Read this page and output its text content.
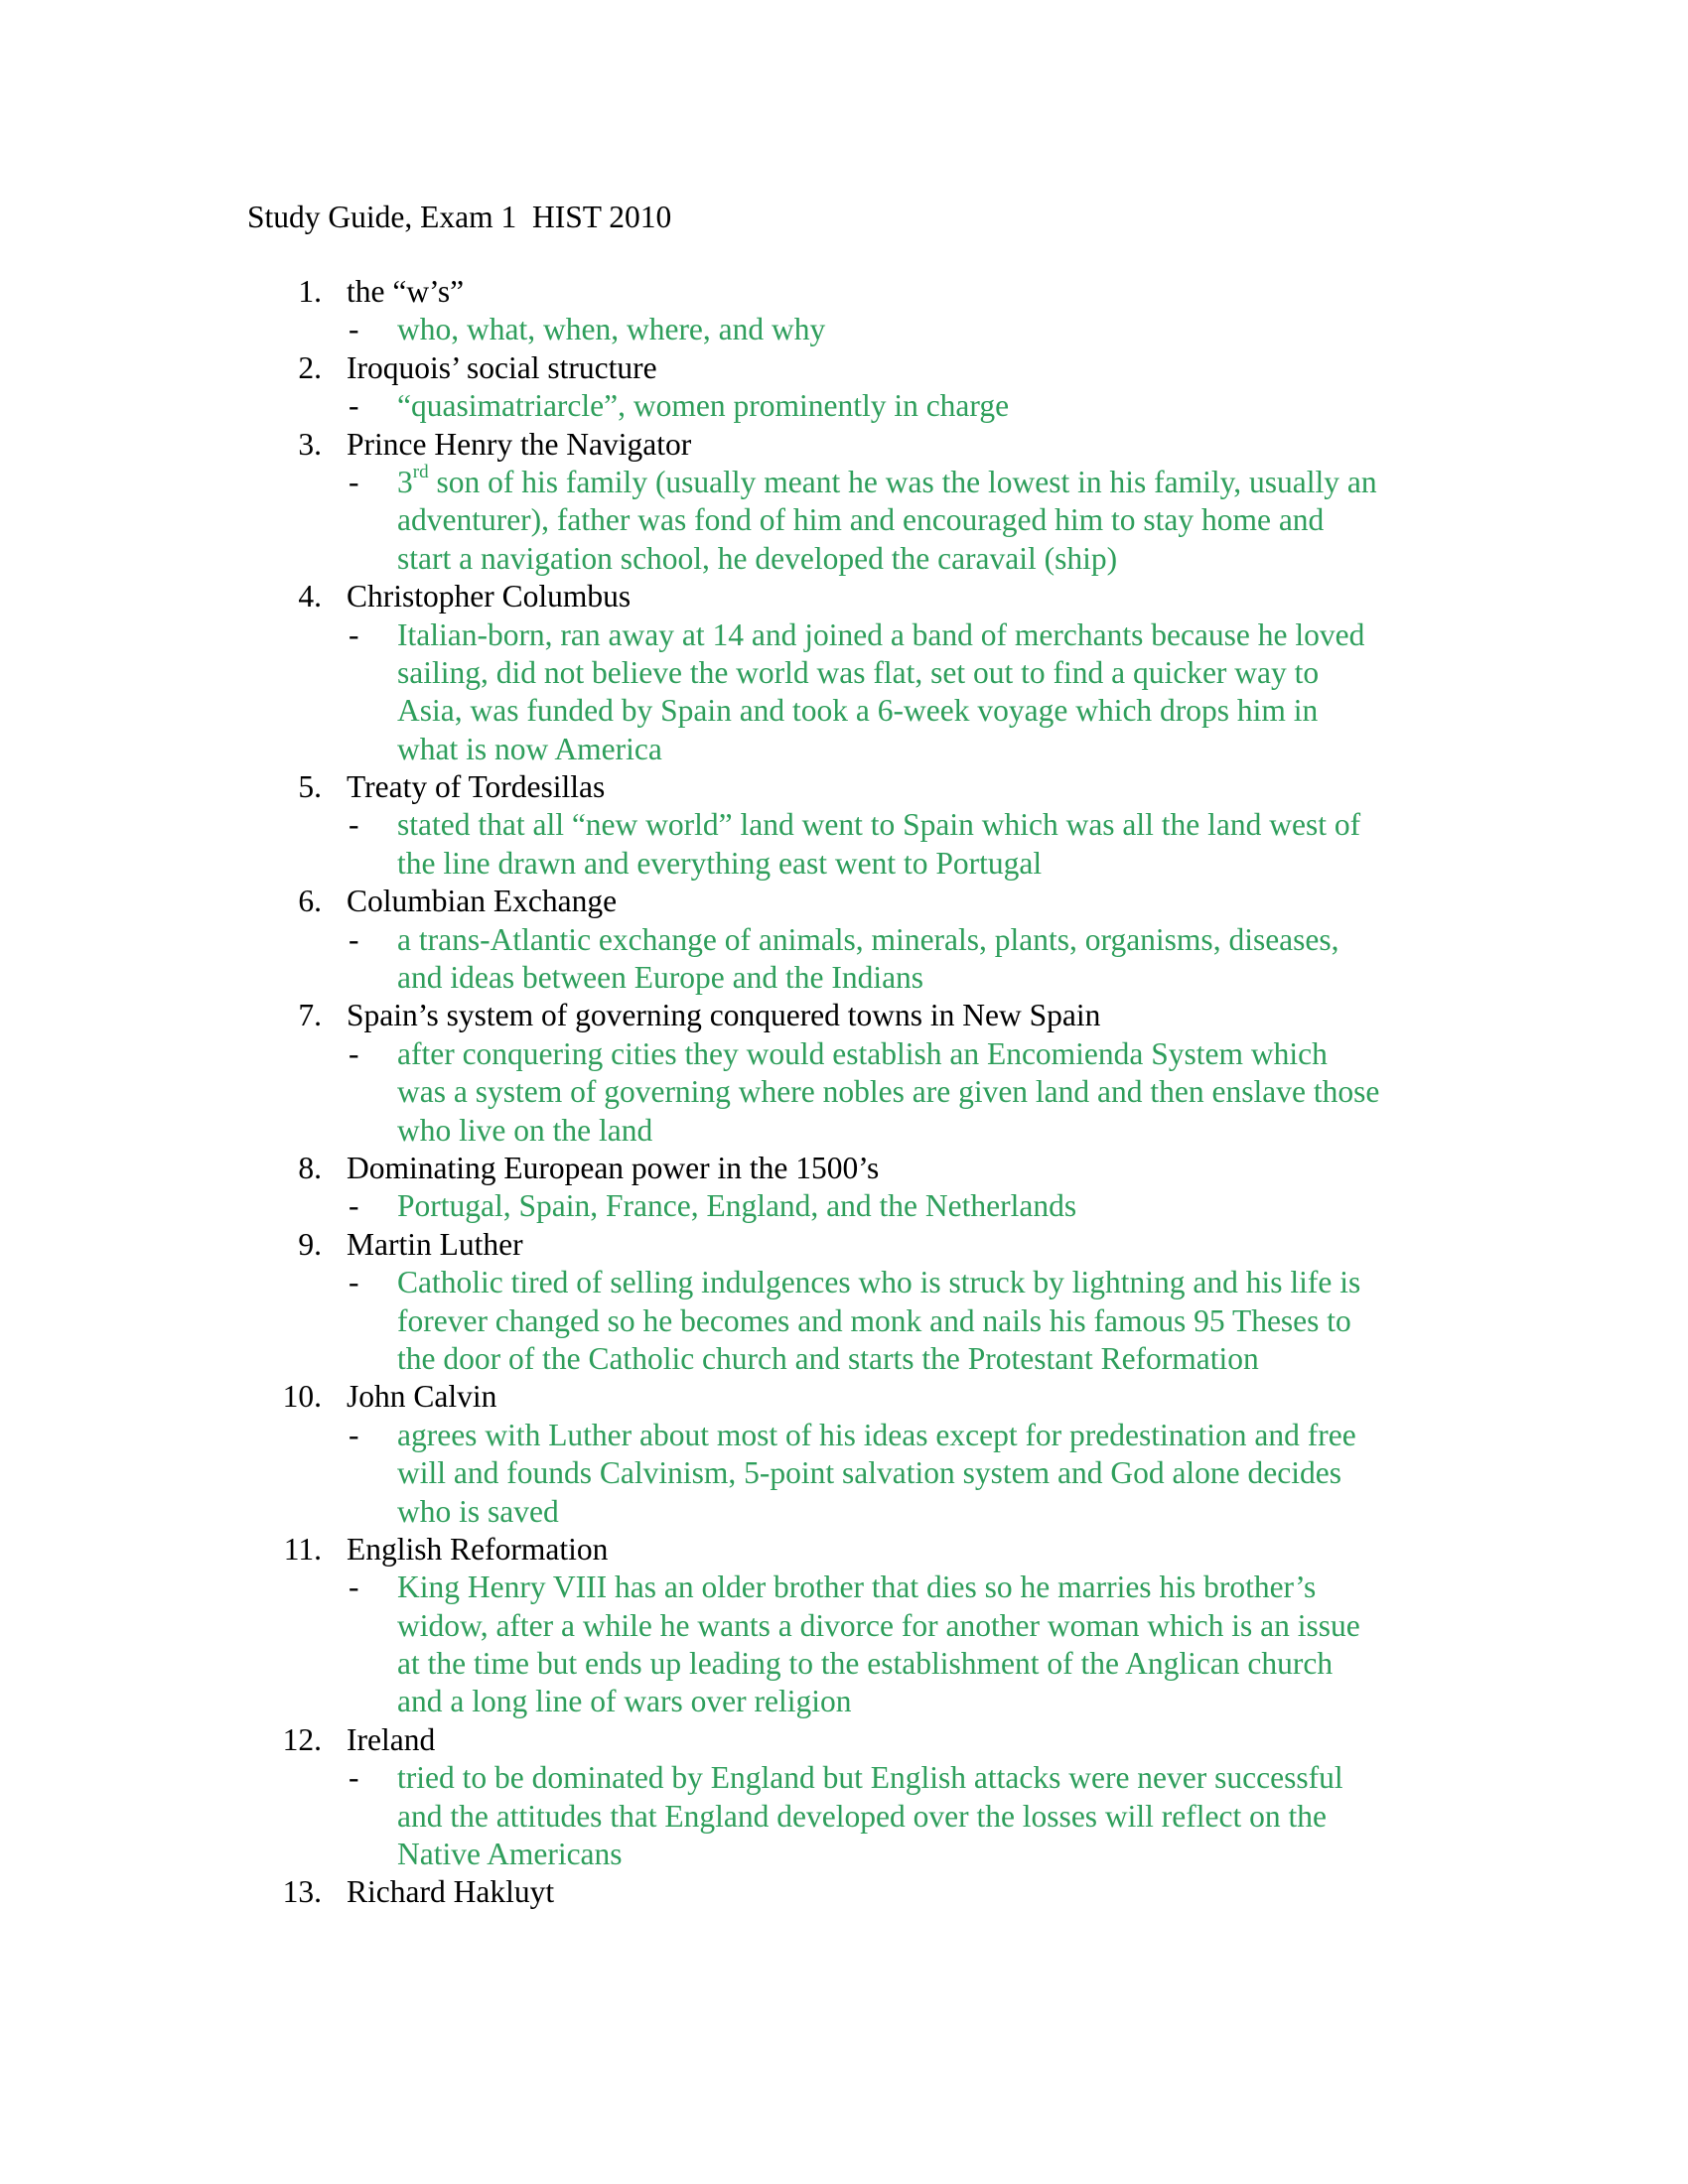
Study Guide, Exam 1  HIST 2010
1. the “w’s”
- who, what, when, where, and why
2. Iroquois’ social structure
- “quasimatriarcle”, women prominently in charge
3. Prince Henry the Navigator
- 3rd son of his family (usually meant he was the lowest in his family, usually an
adventurer), father was fond of him and encouraged him to stay home and
start a navigation school, he developed the caravail (ship)
4. Christopher Columbus
- Italian-born, ran away at 14 and joined a band of merchants because he loved
sailing, did not believe the world was flat, set out to find a quicker way to
Asia, was funded by Spain and took a 6-week voyage which drops him in
what is now America
5. Treaty of Tordesillas
- stated that all “new world” land went to Spain which was all the land west of
the line drawn and everything east went to Portugal
6. Columbian Exchange
- a trans-Atlantic exchange of animals, minerals, plants, organisms, diseases,
and ideas between Europe and the Indians
7. Spain’s system of governing conquered towns in New Spain
- after conquering cities they would establish an Encomienda System which
was a system of governing where nobles are given land and then enslave those
who live on the land
8. Dominating European power in the 1500’s
- Portugal, Spain, France, England, and the Netherlands
9. Martin Luther
- Catholic tired of selling indulgences who is struck by lightning and his life is
forever changed so he becomes and monk and nails his famous 95 Theses to
the door of the Catholic church and starts the Protestant Reformation
10. John Calvin
- agrees with Luther about most of his ideas except for predestination and free
will and founds Calvinism, 5-point salvation system and God alone decides
who is saved
11. English Reformation
- King Henry VIII has an older brother that dies so he marries his brother’s
widow, after a while he wants a divorce for another woman which is an issue
at the time but ends up leading to the establishment of the Anglican church
and a long line of wars over religion
12. Ireland
- tried to be dominated by England but English attacks were never successful
and the attitudes that England developed over the losses will reflect on the
Native Americans
13. Richard Hakluyt
